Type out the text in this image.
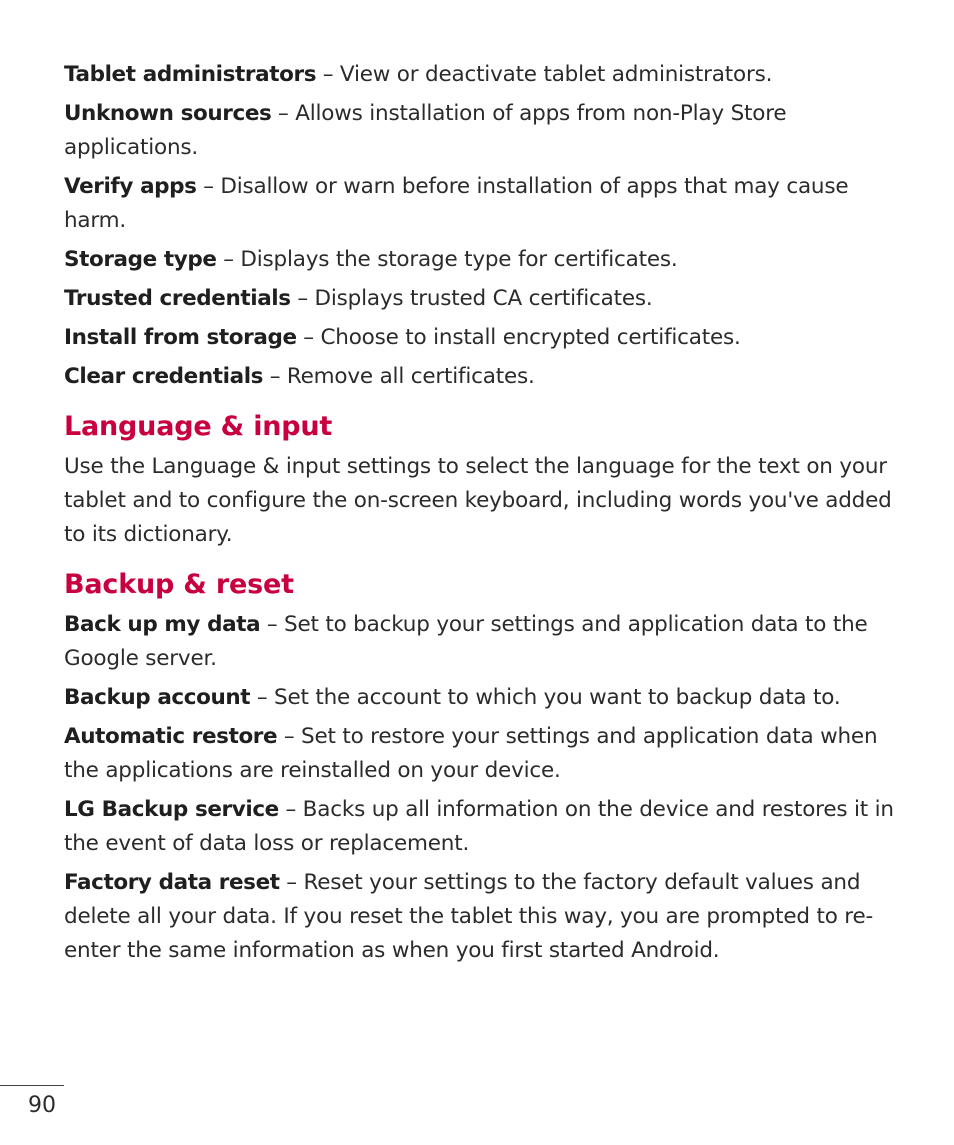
Tablet administrators – View or deactivate tablet administrators.

Unknown sources – Allows installation of apps from non-Play Store applications.

Verify apps – Disallow or warn before installation of apps that may cause harm.

Storage type – Displays the storage type for certificates.

Trusted credentials – Displays trusted CA certificates.

Install from storage – Choose to install encrypted certificates.

Clear credentials – Remove all certificates.

Language & input

Use the Language & input settings to select the language for the text on your tablet and to configure the on-screen keyboard, including words you've added to its dictionary.

Backup & reset

Back up my data – Set to backup your settings and application data to the Google server.

Backup account – Set the account to which you want to backup data to.

Automatic restore – Set to restore your settings and application data when the applications are reinstalled on your device.

LG Backup service – Backs up all information on the device and restores it in the event of data loss or replacement.

Factory data reset – Reset your settings to the factory default values and delete all your data. If you reset the tablet this way, you are prompted to re-enter the same information as when you first started Android.

90
